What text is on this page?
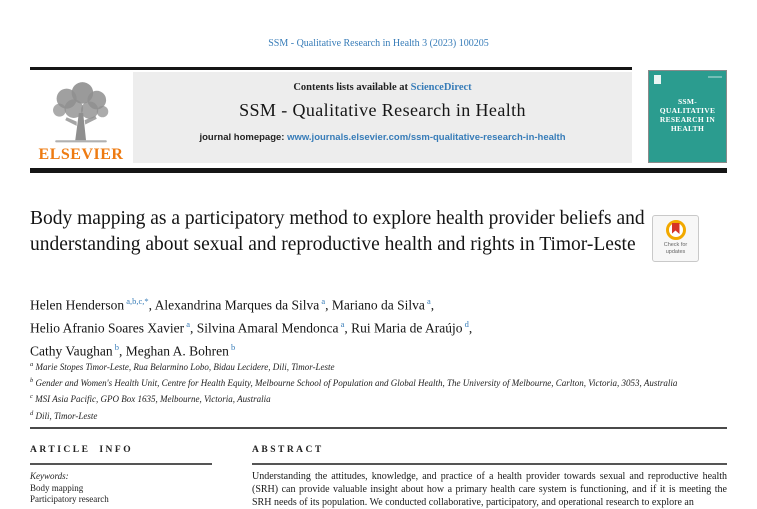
SSM - Qualitative Research in Health 3 (2023) 100205
ELSEVIER
Contents lists available at ScienceDirect
SSM - Qualitative Research in Health
journal homepage: www.journals.elsevier.com/ssm-qualitative-research-in-health
SSM-
QUALITATIVE
RESEARCH IN
HEALTH
Body mapping as a participatory method to explore health provider beliefs and understanding about sexual and reproductive health and rights in Timor-Leste	Check for
updates
Helen Henderson $^{a,b,c,*}$, Alexandrina Marques da Silva $^a$, Mariano da Silva $^a$,
Helio Afranio Soares Xavier $^a$, Silvina Amaral Mendonca $^a$, Rui Maria de Araújo $^d$,
Cathy Vaughan $^b$, Meghan A. Bohren $^b$
$^a$ Marie Stopes Timor-Leste, Rua Belarmino Lobo, Bidau Lecidere, Dili, Timor-Leste
$^b$ Gender and Women's Health Unit, Centre for Health Equity, Melbourne School of Population and Global Health, The University of Melbourne, Carlton, Victoria, 3053, Australia
$^c$ MSI Asia Pacific, GPO Box 1635, Melbourne, Victoria, Australia
$^d$ Dili, Timor-Leste
ARTICLE INFO
Keywords:
Body mapping
Participatory research
ABSTRACT
Understanding the attitudes, knowledge, and practice of a health provider towards sexual and reproductive health (SRH) can provide valuable insight about how a primary health care system is functioning, and if it is meeting the SRH needs of its population. We conducted collaborative, participatory, and operational research to explore an
